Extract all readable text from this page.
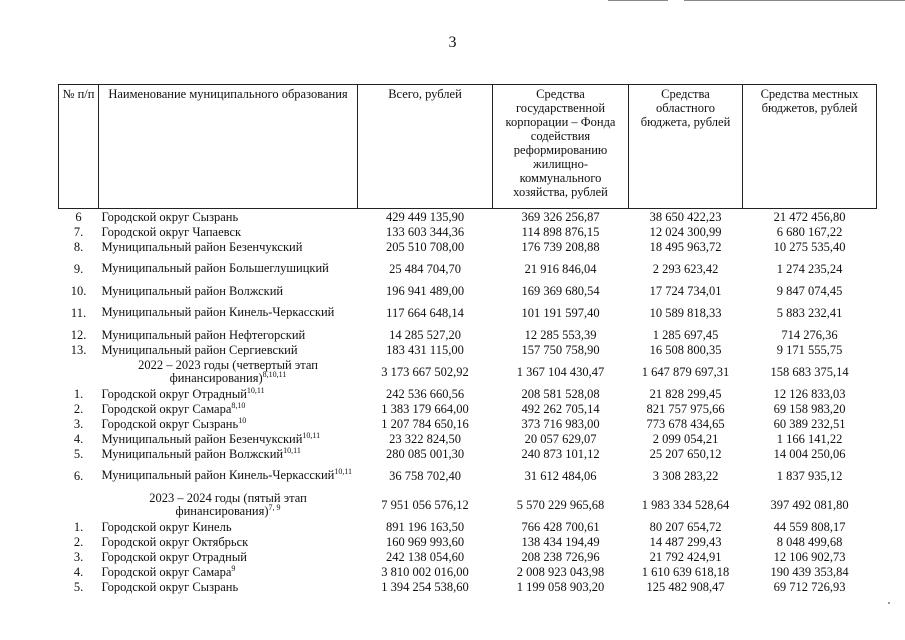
3
№ п/п	Наименование муниципального образования	Всего, рублей	Средства государственной корпорации – Фонда содействия реформированию жилищно-коммунального хозяйства, рублей	Средства областного бюджета, рублей	Средства местных бюджетов, рублей
6	Городской округ Сызрань	429 449 135,90	369 326 256,87	38 650 422,23	21 472 456,80
7.	Городской округ Чапаевск	133 603 344,36	114 898 876,15	12 024 300,99	6 680 167,22
8.	Муниципальный район Безенчукский	205 510 708,00	176 739 208,88	18 495 963,72	10 275 535,40
9.	Муниципальный район Большеглушицкий	25 484 704,70	21 916 846,04	2 293 623,42	1 274 235,24
10.	Муниципальный район Волжский	196 941 489,00	169 369 680,54	17 724 734,01	9 847 074,45
11.	Муниципальный район Кинель-Черкасский	117 664 648,14	101 191 597,40	10 589 818,33	5 883 232,41
12.	Муниципальный район Нефтегорский	14 285 527,20	12 285 553,39	1 285 697,45	714 276,36
13.	Муниципальный район Сергиевский	183 431 115,00	157 750 758,90	16 508 800,35	9 171 555,75
	2022 – 2023 годы (четвертый этап финансирования)$^{8,10,11}$	3 173 667 502,92	1 367 104 430,47	1 647 879 697,31	158 683 375,14
1.	Городской округ Отрадный$^{10,11}$	242 536 660,56	208 581 528,08	21 828 299,45	12 126 833,03
2.	Городской округ Самара$^{8,10}$	1 383 179 664,00	492 262 705,14	821 757 975,66	69 158 983,20
3.	Городской округ Сызрань$^{10}$	1 207 784 650,16	373 716 983,00	773 678 434,65	60 389 232,51
4.	Муниципальный район Безенчукский$^{10,11}$	23 322 824,50	20 057 629,07	2 099 054,21	1 166 141,22
5.	Муниципальный район Волжский$^{10,11}$	280 085 001,30	240 873 101,12	25 207 650,12	14 004 250,06
6.	Муниципальный район Кинель-Черкасский$^{10,11}$	36 758 702,40	31 612 484,06	3 308 283,22	1 837 935,12
	2023 – 2024 годы (пятый этап финансирования)$^{7, 9}$	7 951 056 576,12	5 570 229 965,68	1 983 334 528,64	397 492 081,80
1.	Городской округ Кинель	891 196 163,50	766 428 700,61	80 207 654,72	44 559 808,17
2.	Городской округ Октябрьск	160 969 993,60	138 434 194,49	14 487 299,43	8 048 499,68
3.	Городской округ Отрадный	242 138 054,60	208 238 726,96	21 792 424,91	12 106 902,73
4.	Городской округ Самара$^9$	3 810 002 016,00	2 008 923 043,98	1 610 639 618,18	190 439 353,84
5.	Городской округ Сызрань	1 394 254 538,60	1 199 058 903,20	125 482 908,47	69 712 726,93
